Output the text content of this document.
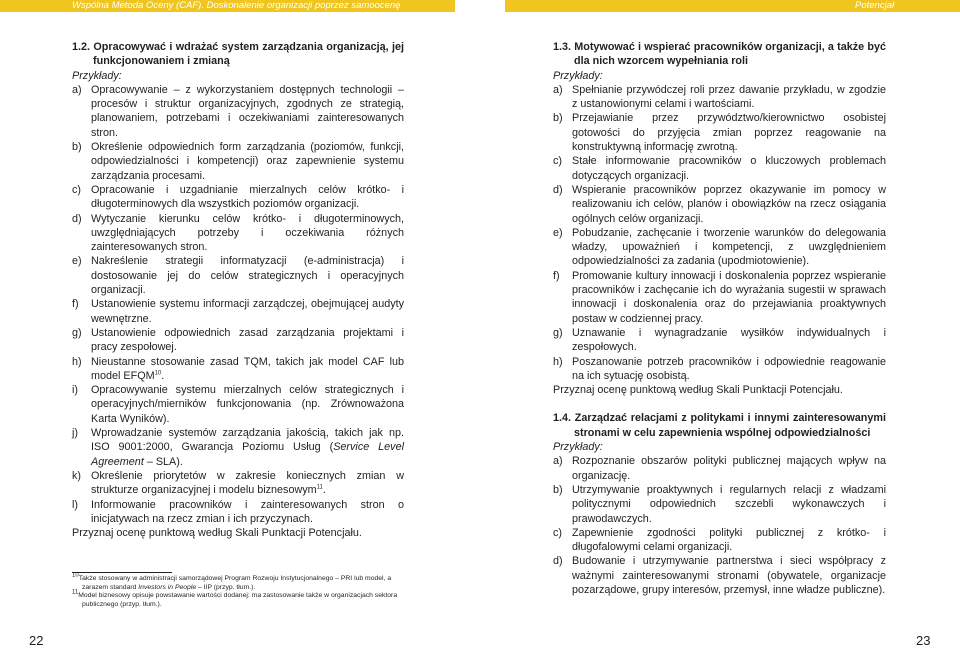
Wspólna Metoda Oceny (CAF). Doskonalenie organizacji poprzez samoocenę	Potencjał
1.2. Opracowywać i wdrażać system zarządzania organizacją, jej funkcjonowaniem i zmianą
Przykłady:
a) Opracowywanie – z wykorzystaniem dostępnych technologii – procesów i struktur organizacyjnych, zgodnych ze strategią, planowaniem, potrzebami i oczekiwaniami zainteresowanych stron.
b) Określenie odpowiednich form zarządzania (poziomów, funkcji, odpowiedzialności i kompetencji) oraz zapewnienie systemu zarządzania procesami.
c) Opracowanie i uzgadnianie mierzalnych celów krótko- i długoterminowych dla wszystkich poziomów organizacji.
d) Wytyczanie kierunku celów krótko- i długoterminowych, uwzględniających potrzeby i oczekiwania różnych zainteresowanych stron.
e) Nakreślenie strategii informatyzacji (e-administracja) i dostosowanie jej do celów strategicznych i operacyjnych organizacji.
f)	Ustanowienie systemu informacji zarządczej, obejmującej audyty wewnętrzne.
g) Ustanowienie odpowiednich zasad zarządzania projektami i pracy zespołowej.
h) Nieustanne stosowanie zasad TQM, takich jak model CAF lub model EFQM$^{10}$.
i)	Opracowywanie systemu mierzalnych celów strategicznych i operacyjnych/mierników funkcjonowania (np. Zrównoważona Karta Wyników).
j)	Wprowadzanie systemów zarządzania jakością, takich jak np. ISO 9001:2000, Gwarancja Poziomu Usług (Service Level Agreement – SLA).
k) Określenie priorytetów w zakresie koniecznych zmian w strukturze organizacyjnej i modelu biznesowym$^{11}$.
l)	Informowanie pracowników i zainteresowanych stron o inicjatywach na rzecz zmian i ich przyczynach.
Przyznaj ocenę punktową według Skali Punktacji Potencjału.
$^{10}$Także stosowany w administracji samorządowej Program Rozwoju Instytucjonalnego – PRI lub model, a zarazem standard Investors in People – IIP (przyp. tłum.).
$^{11}$Model biznesowy opisuje powstawanie wartości dodanej: ma zastosowanie także w organizacjach sektora publicznego (przyp. tłum.).
1.3. Motywować i wspierać pracowników organizacji, a także być dla nich wzorcem wypełniania roli
Przykłady:
a) Spełnianie przywódczej roli przez dawanie przykładu, w zgodzie z ustanowionymi celami i wartościami.
b) Przejawianie przez przywództwo/kierownictwo osobistej gotowości do przyjęcia zmian poprzez reagowanie na konstruktywną informację zwrotną.
c) Stałe informowanie pracowników o kluczowych problemach dotyczących organizacji.
d) Wspieranie pracowników poprzez okazywanie im pomocy w realizowaniu ich celów, planów i obowiązków na rzecz osiągania ogólnych celów organizacji.
e) Pobudzanie, zachęcanie i tworzenie warunków do delegowania władzy, upoważnień i kompetencji, z uwzględnieniem odpowiedzialności za zadania (upodmiotowienie).
f)	Promowanie kultury innowacji i doskonalenia poprzez wspieranie pracowników i zachęcanie ich do wyrażania sugestii w sprawach innowacji i doskonalenia oraz do przejawiania proaktywnych postaw w codziennej pracy.
g) Uznawanie i wynagradzanie wysiłków indywidualnych i zespołowych.
h) Poszanowanie potrzeb pracowników i odpowiednie reagowanie na ich sytuację osobistą.
Przyznaj ocenę punktową według Skali Punktacji Potencjału.
1.4. Zarządzać relacjami z politykami i innymi zainteresowanymi stronami w celu zapewnienia wspólnej odpowiedzialności
Przykłady:
a) Rozpoznanie obszarów polityki publicznej mających wpływ na organizację.
b) Utrzymywanie proaktywnych i regularnych relacji z władzami politycznymi odpowiednich szczebli wykonawczych i prawodawczych.
c) Zapewnienie zgodności polityki publicznej z krótko- i długofalowymi celami organizacji.
d) Budowanie i utrzymywanie partnerstwa i sieci współpracy z ważnymi zainteresowanymi stronami (obywatele, organizacje pozarządowe, grupy interesów, przemysł, inne władze publiczne).
22	23
